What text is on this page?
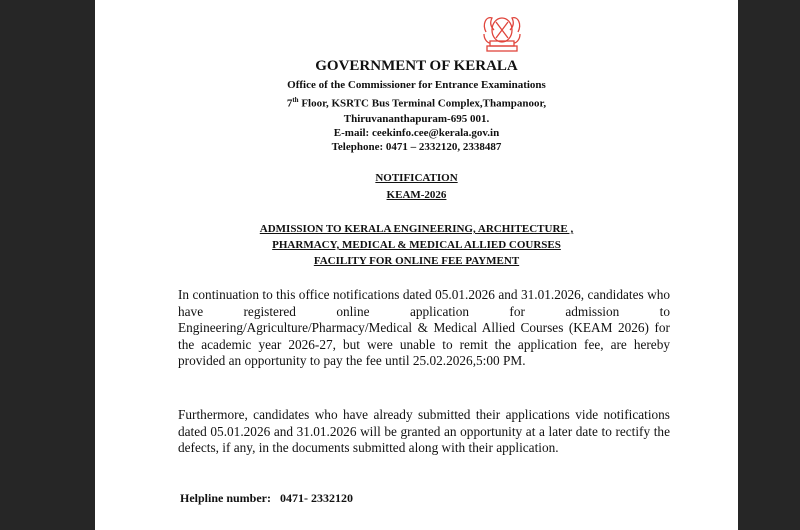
GOVERNMENT OF KERALA
Office of the Commissioner for Entrance Examinations
7th Floor, KSRTC Bus Terminal Complex,Thampanoor,
Thiruvananthapuram-695 001.
E-mail: ceekinfo.cee@kerala.gov.in
Telephone: 0471 – 2332120, 2338487
NOTIFICATION
KEAM-2026
ADMISSION TO KERALA ENGINEERING, ARCHITECTURE ,
PHARMACY, MEDICAL & MEDICAL ALLIED COURSES
FACILITY FOR ONLINE FEE PAYMENT
In continuation to this office notifications dated 05.01.2026 and 31.01.2026, candidates who have registered online application for admission to Engineering/Agriculture/Pharmacy/Medical & Medical Allied Courses (KEAM 2026) for the academic year 2026-27, but were unable to remit the application fee, are hereby provided an opportunity to pay the fee until 25.02.2026,5:00 PM.
Furthermore, candidates who have already submitted their applications vide notifications dated 05.01.2026 and 31.01.2026 will be granted an opportunity at a later date to rectify the defects, if any, in the documents submitted along with their application.
Helpline number: 0471- 2332120
